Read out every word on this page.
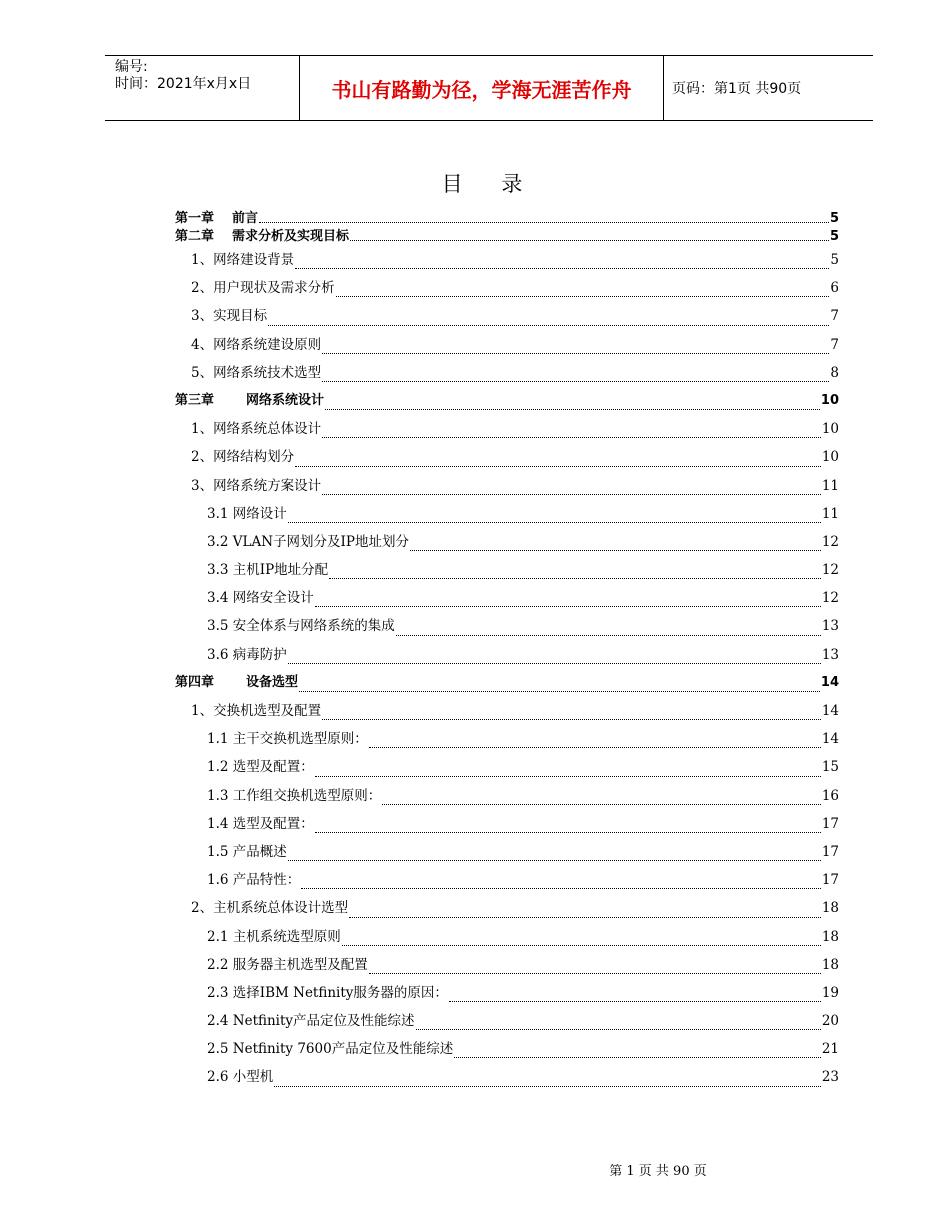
编号:
时间：2021年x月x日	书山有路勤为径，学海无涯苦作舟	页码：第1页 共90页
目 录
第一章	前言	5
第二章	需求分析及实现目标	5
1、网络建设背景	5
2、用户现状及需求分析	6
3、实现目标	7
4、网络系统建设原则	7
5、网络系统技术选型	8
第三章	网络系统设计	10
1、网络系统总体设计	10
2、网络结构划分	10
3、网络系统方案设计	11
3.1 网络设计	11
3.2 VLAN子网划分及IP地址划分	12
3.3 主机IP地址分配	12
3.4 网络安全设计	12
3.5 安全体系与网络系统的集成	13
3.6 病毒防护	13
第四章	设备选型	14
1、交换机选型及配置	14
1.1 主干交换机选型原则：	14
1.2 选型及配置：	15
1.3 工作组交换机选型原则：	16
1.4 选型及配置：	17
1.5 产品概述	17
1.6 产品特性：	17
2、主机系统总体设计选型	18
2.1 主机系统选型原则	18
2.2 服务器主机选型及配置	18
2.3 选择IBM Netfinity服务器的原因：	19
2.4 Netfinity产品定位及性能综述	20
2.5 Netfinity 7600产品定位及性能综述	21
2.6 小型机	23
第 1 页 共 90 页
